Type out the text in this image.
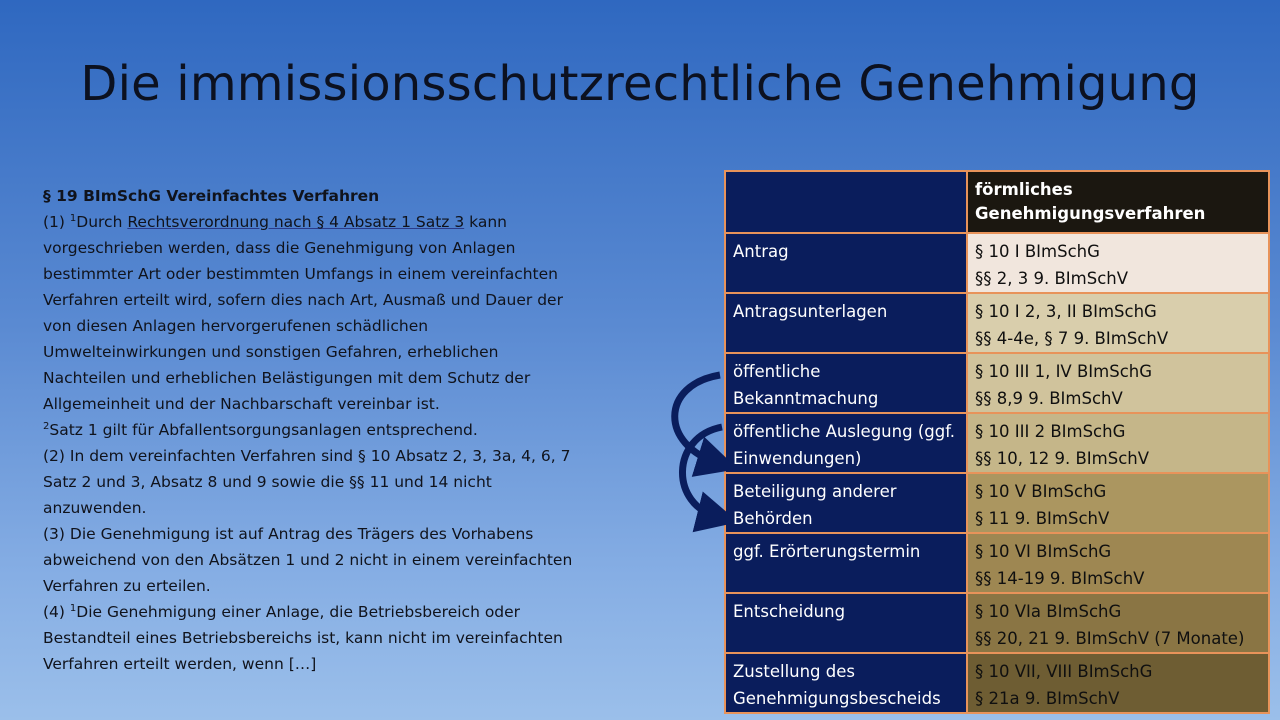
Die immissionsschutzrechtliche Genehmigung
§ 19 BImSchG Vereinfachtes Verfahren

(1) $^1$Durch Rechtsverordnung nach § 4 Absatz 1 Satz 3 kann vorgeschrieben werden, dass die Genehmigung von Anlagen bestimmter Art oder bestimmten Umfangs in einem vereinfachten Verfahren erteilt wird, sofern dies nach Art, Ausmaß und Dauer der von diesen Anlagen hervorgerufenen schädlichen Umwelteinwirkungen und sonstigen Gefahren, erheblichen Nachteilen und erheblichen Belästigungen mit dem Schutz der Allgemeinheit und der Nachbarschaft vereinbar ist.
$^2$Satz 1 gilt für Abfallentsorgungsanlagen entsprechend.

(2) In dem vereinfachten Verfahren sind § 10 Absatz 2, 3, 3a, 4, 6, 7 Satz 2 und 3, Absatz 8 und 9 sowie die §§ 11 und 14 nicht anzuwenden.

(3) Die Genehmigung ist auf Antrag des Trägers des Vorhabens abweichend von den Absätzen 1 und 2 nicht in einem vereinfachten Verfahren zu erteilen.

(4) $^1$Die Genehmigung einer Anlage, die Betriebsbereich oder Bestandteil eines Betriebsbereichs ist, kann nicht im vereinfachten Verfahren erteilt werden, wenn […]

	förmliches Genehmigungsverfahren
Antrag	§ 10 I BImSchG
§§ 2, 3 9. BImSchV

Antragsunterlagen	§ 10 I 2, 3, II BImSchG
§§ 4-4e, § 7 9. BImSchV

öffentliche Bekanntmachung	§ 10 III 1, IV BImSchG
§§ 8,9 9. BImSchV

öffentliche Auslegung (ggf. Einwendungen)	§ 10 III 2 BImSchG
§§ 10, 12 9. BImSchV

Beteiligung anderer Behörden	§ 10 V BImSchG
§ 11 9. BImSchV

ggf. Erörterungstermin	§ 10 VI BImSchG
§§ 14-19 9. BImSchV

Entscheidung	§ 10 VIa BImSchG
§§ 20, 21 9. BImSchV (7 Monate)

Zustellung des Genehmigungsbescheids	§ 10 VII, VIII BImSchG
§ 21a 9. BImSchV
